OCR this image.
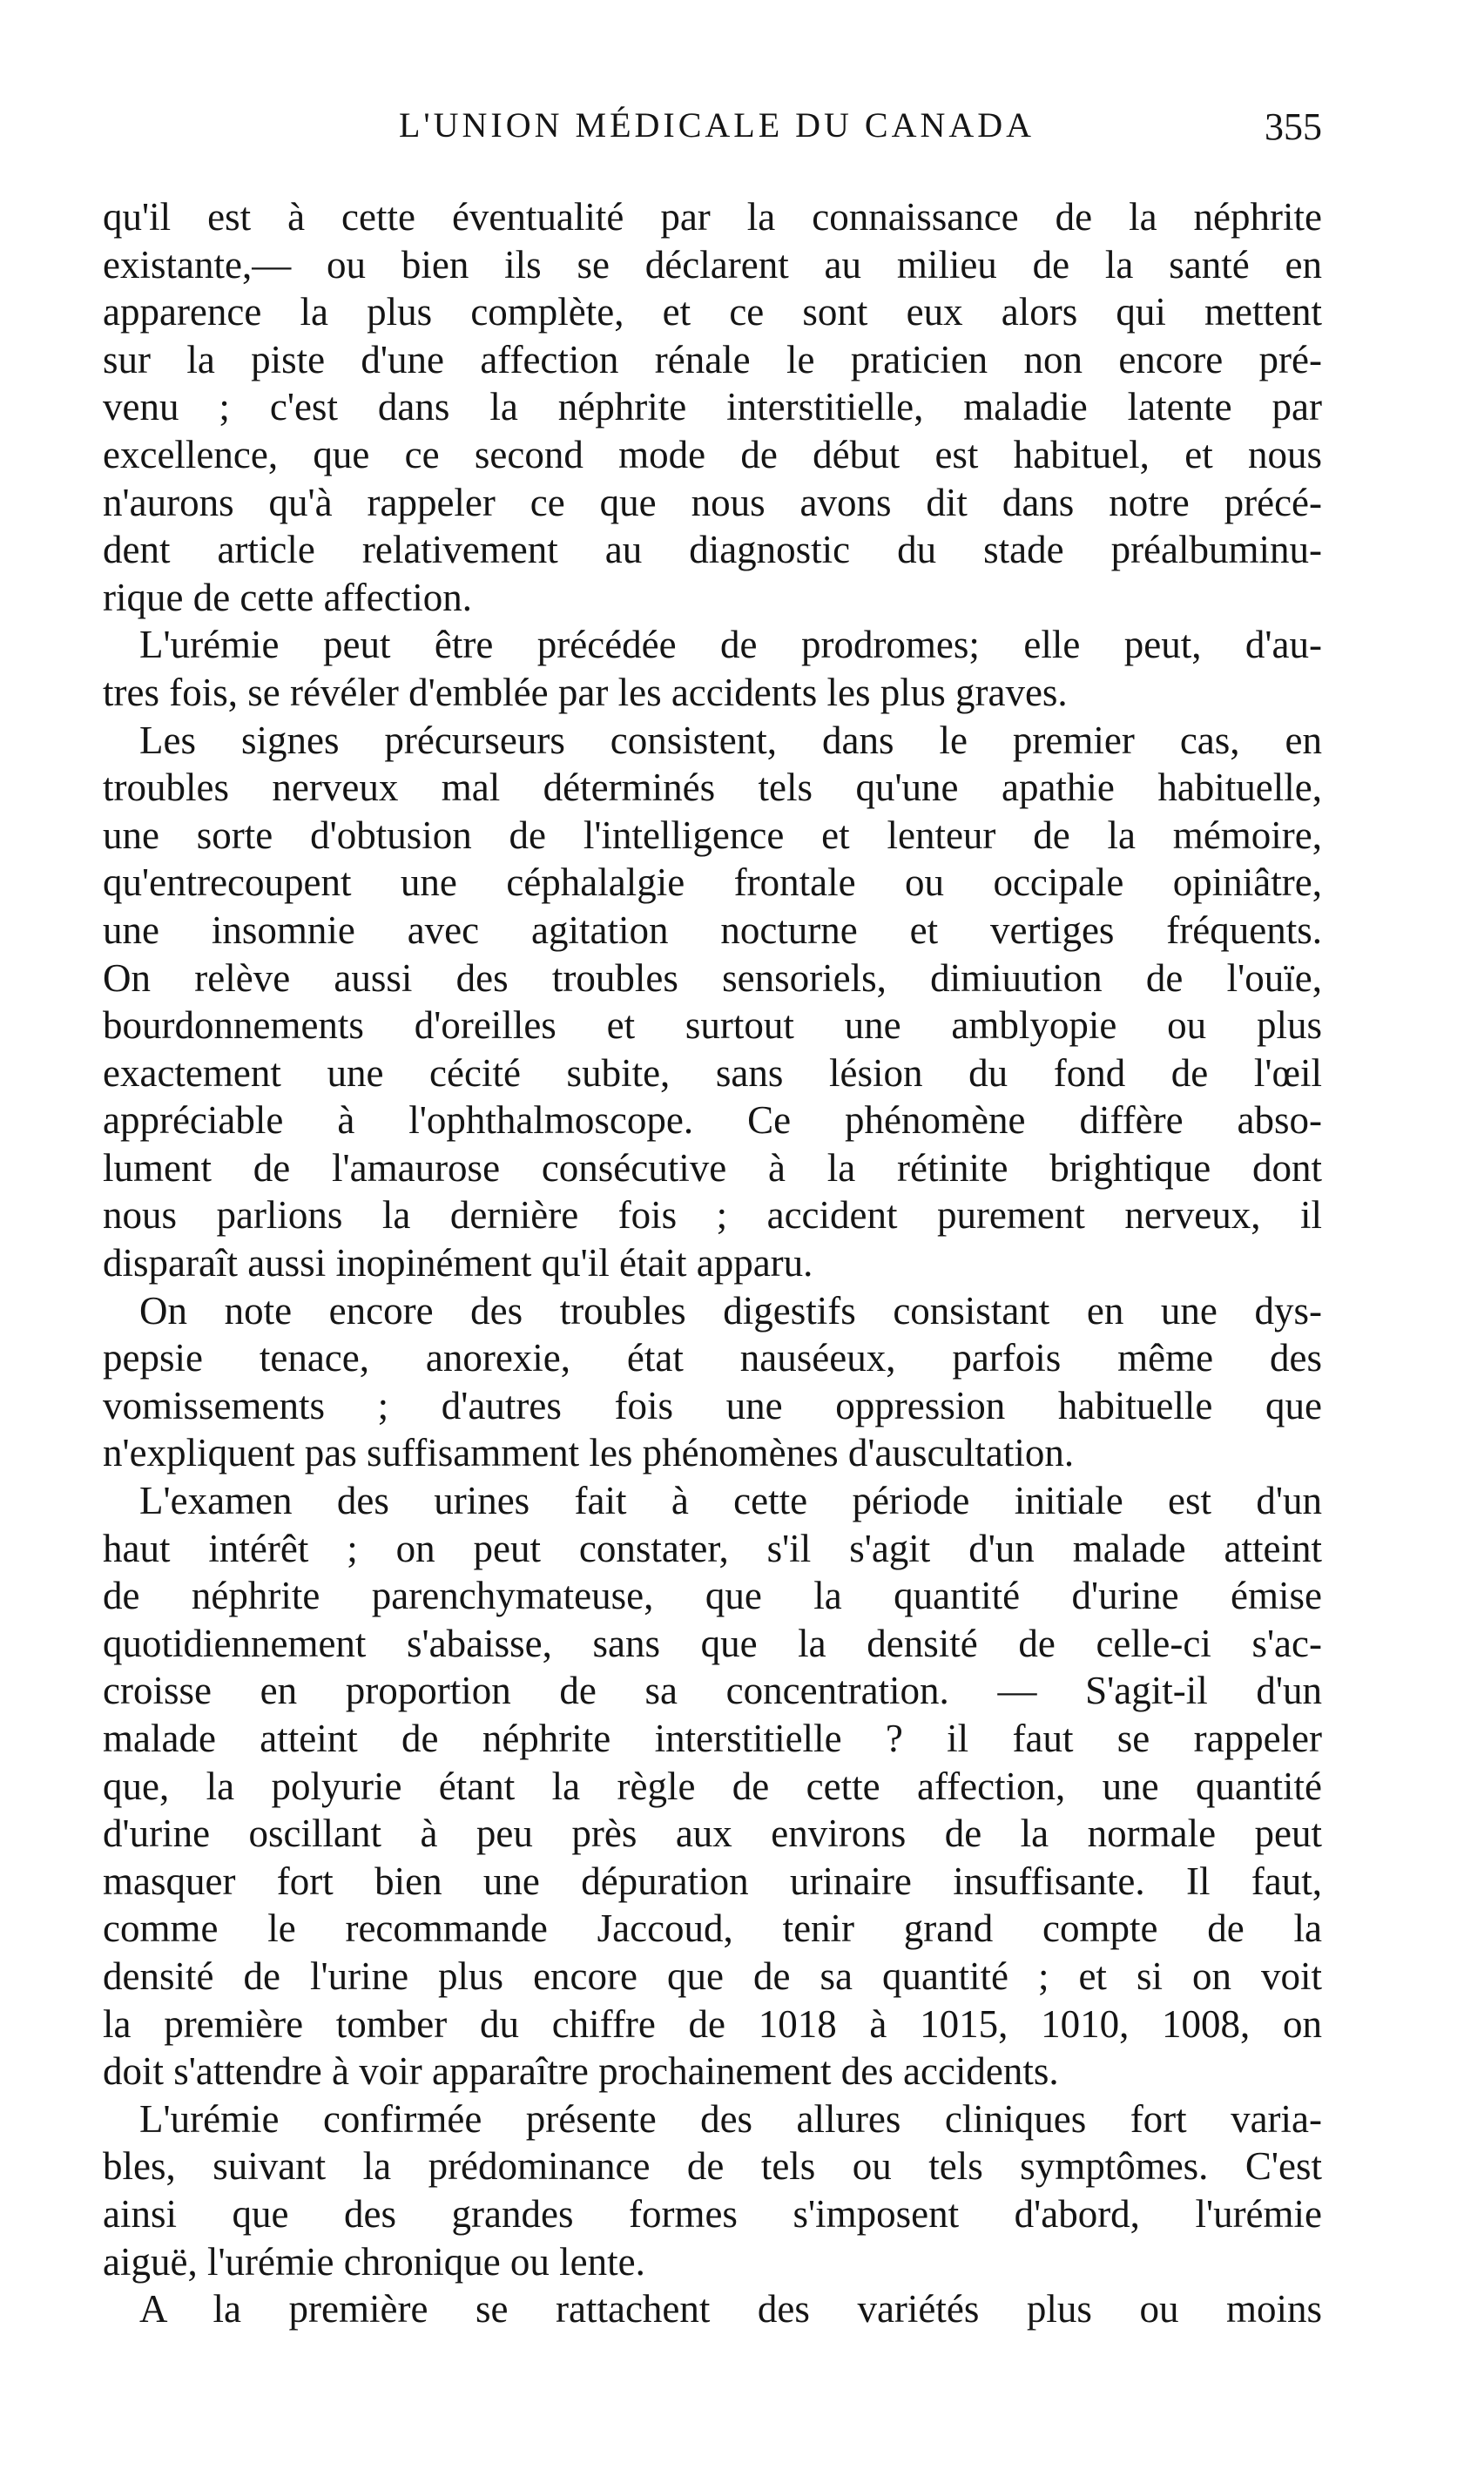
L'UNION MÉDICALE DU CANADA	355
qu'il est à cette éventualité par la connaissance de la néphrite
existante,— ou bien ils se déclarent au milieu de la santé en
apparence la plus complète, et ce sont eux alors qui mettent
sur la piste d'une affection rénale le praticien non encore pré-
venu ; c'est dans la néphrite interstitielle, maladie latente par
excellence, que ce second mode de début est habituel, et nous
n'aurons qu'à rappeler ce que nous avons dit dans notre précé-
dent article relativement au diagnostic du stade préalbuminu-
rique de cette affection.
L'urémie peut être précédée de prodromes; elle peut, d'au-
tres fois, se révéler d'emblée par les accidents les plus graves.
Les signes précurseurs consistent, dans le premier cas, en
troubles nerveux mal déterminés tels qu'une apathie habituelle,
une sorte d'obtusion de l'intelligence et lenteur de la mémoire,
qu'entrecoupent une céphalalgie frontale ou occipale opiniâtre,
une insomnie avec agitation nocturne et vertiges fréquents.
On relève aussi des troubles sensoriels, dimiuution de l'ouïe,
bourdonnements d'oreilles et surtout une amblyopie ou plus
exactement une cécité subite, sans lésion du fond de l'œil
appréciable à l'ophthalmoscope. Ce phénomène diffère abso-
lument de l'amaurose consécutive à la rétinite brightique dont
nous parlions la dernière fois ; accident purement nerveux, il
disparaît aussi inopinément qu'il était apparu.
On note encore des troubles digestifs consistant en une dys-
pepsie tenace, anorexie, état nauséeux, parfois même des
vomissements ; d'autres fois une oppression habituelle que
n'expliquent pas suffisamment les phénomènes d'auscultation.
L'examen des urines fait à cette période initiale est d'un
haut intérêt ; on peut constater, s'il s'agit d'un malade atteint
de néphrite parenchymateuse, que la quantité d'urine émise
quotidiennement s'abaisse, sans que la densité de celle-ci s'ac-
croisse en proportion de sa concentration. — S'agit-il d'un
malade atteint de néphrite interstitielle ? il faut se rappeler
que, la polyurie étant la règle de cette affection, une quantité
d'urine oscillant à peu près aux environs de la normale peut
masquer fort bien une dépuration urinaire insuffisante. Il faut,
comme le recommande Jaccoud, tenir grand compte de la
densité de l'urine plus encore que de sa quantité ; et si on voit
la première tomber du chiffre de 1018 à 1015, 1010, 1008, on
doit s'attendre à voir apparaître prochainement des accidents.
L'urémie confirmée présente des allures cliniques fort varia-
bles, suivant la prédominance de tels ou tels symptômes. C'est
ainsi que des grandes formes s'imposent d'abord, l'urémie
aiguë, l'urémie chronique ou lente.
A la première se rattachent des variétés plus ou moins
